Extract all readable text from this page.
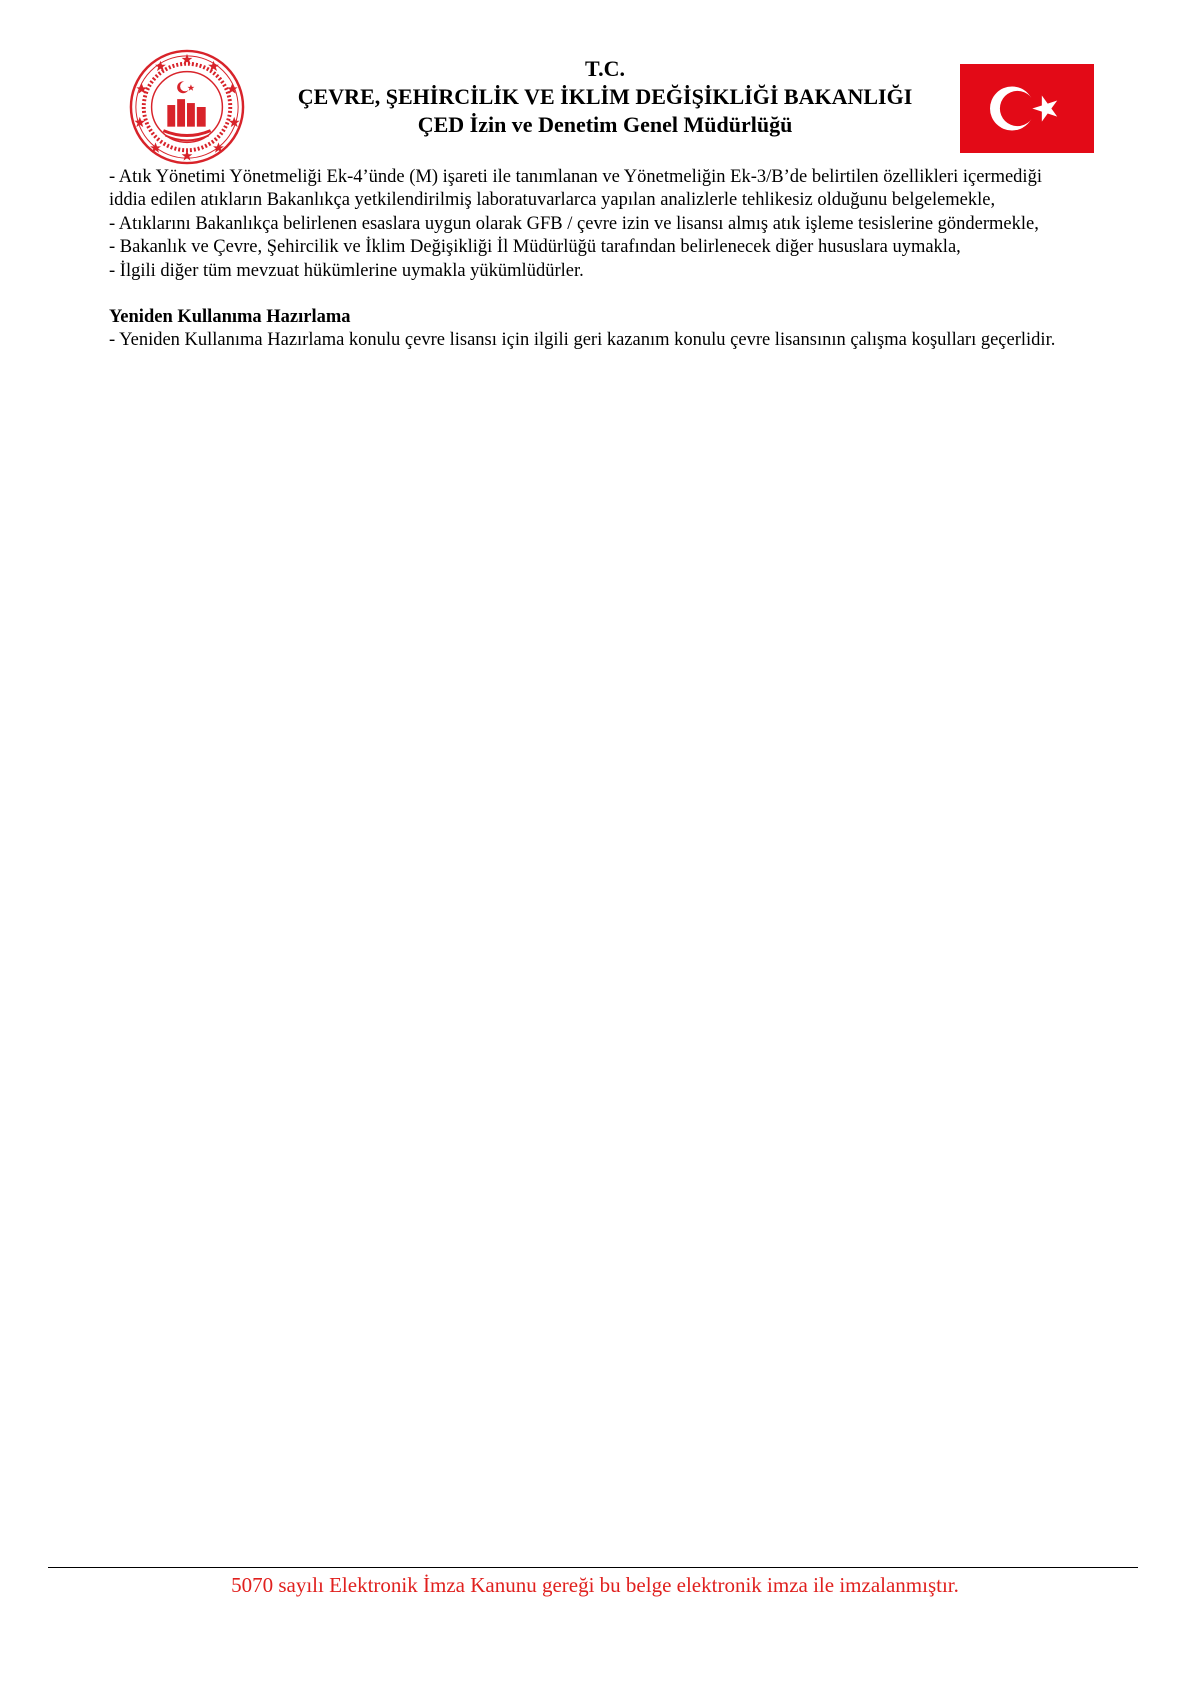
T.C.
ÇEVRE, ŞEHİRCİLİK VE İKLİM DEĞİŞİKLİĞİ BAKANLIĞI
ÇED İzin ve Denetim Genel Müdürlüğü

- Atık Yönetimi Yönetmeliği Ek-4’ünde (M) işareti ile tanımlanan ve Yönetmeliğin Ek-3/B’de belirtilen özellikleri içermediği iddia edilen atıkların Bakanlıkça yetkilendirilmiş laboratuvarlarca yapılan analizlerle tehlikesiz olduğunu belgelemekle,

- Atıklarını Bakanlıkça belirlenen esaslara uygun olarak GFB / çevre izin ve lisansı almış atık işleme tesislerine göndermekle,

- Bakanlık ve Çevre, Şehircilik ve İklim Değişikliği İl Müdürlüğü tarafından belirlenecek diğer hususlara uymakla,

- İlgili diğer tüm mevzuat hükümlerine uymakla yükümlüdürler.

Yeniden Kullanıma Hazırlama

- Yeniden Kullanıma Hazırlama konulu çevre lisansı için ilgili geri kazanım konulu çevre lisansının çalışma koşulları geçerlidir.

5070 sayılı Elektronik İmza Kanunu gereği bu belge elektronik imza ile imzalanmıştır.
